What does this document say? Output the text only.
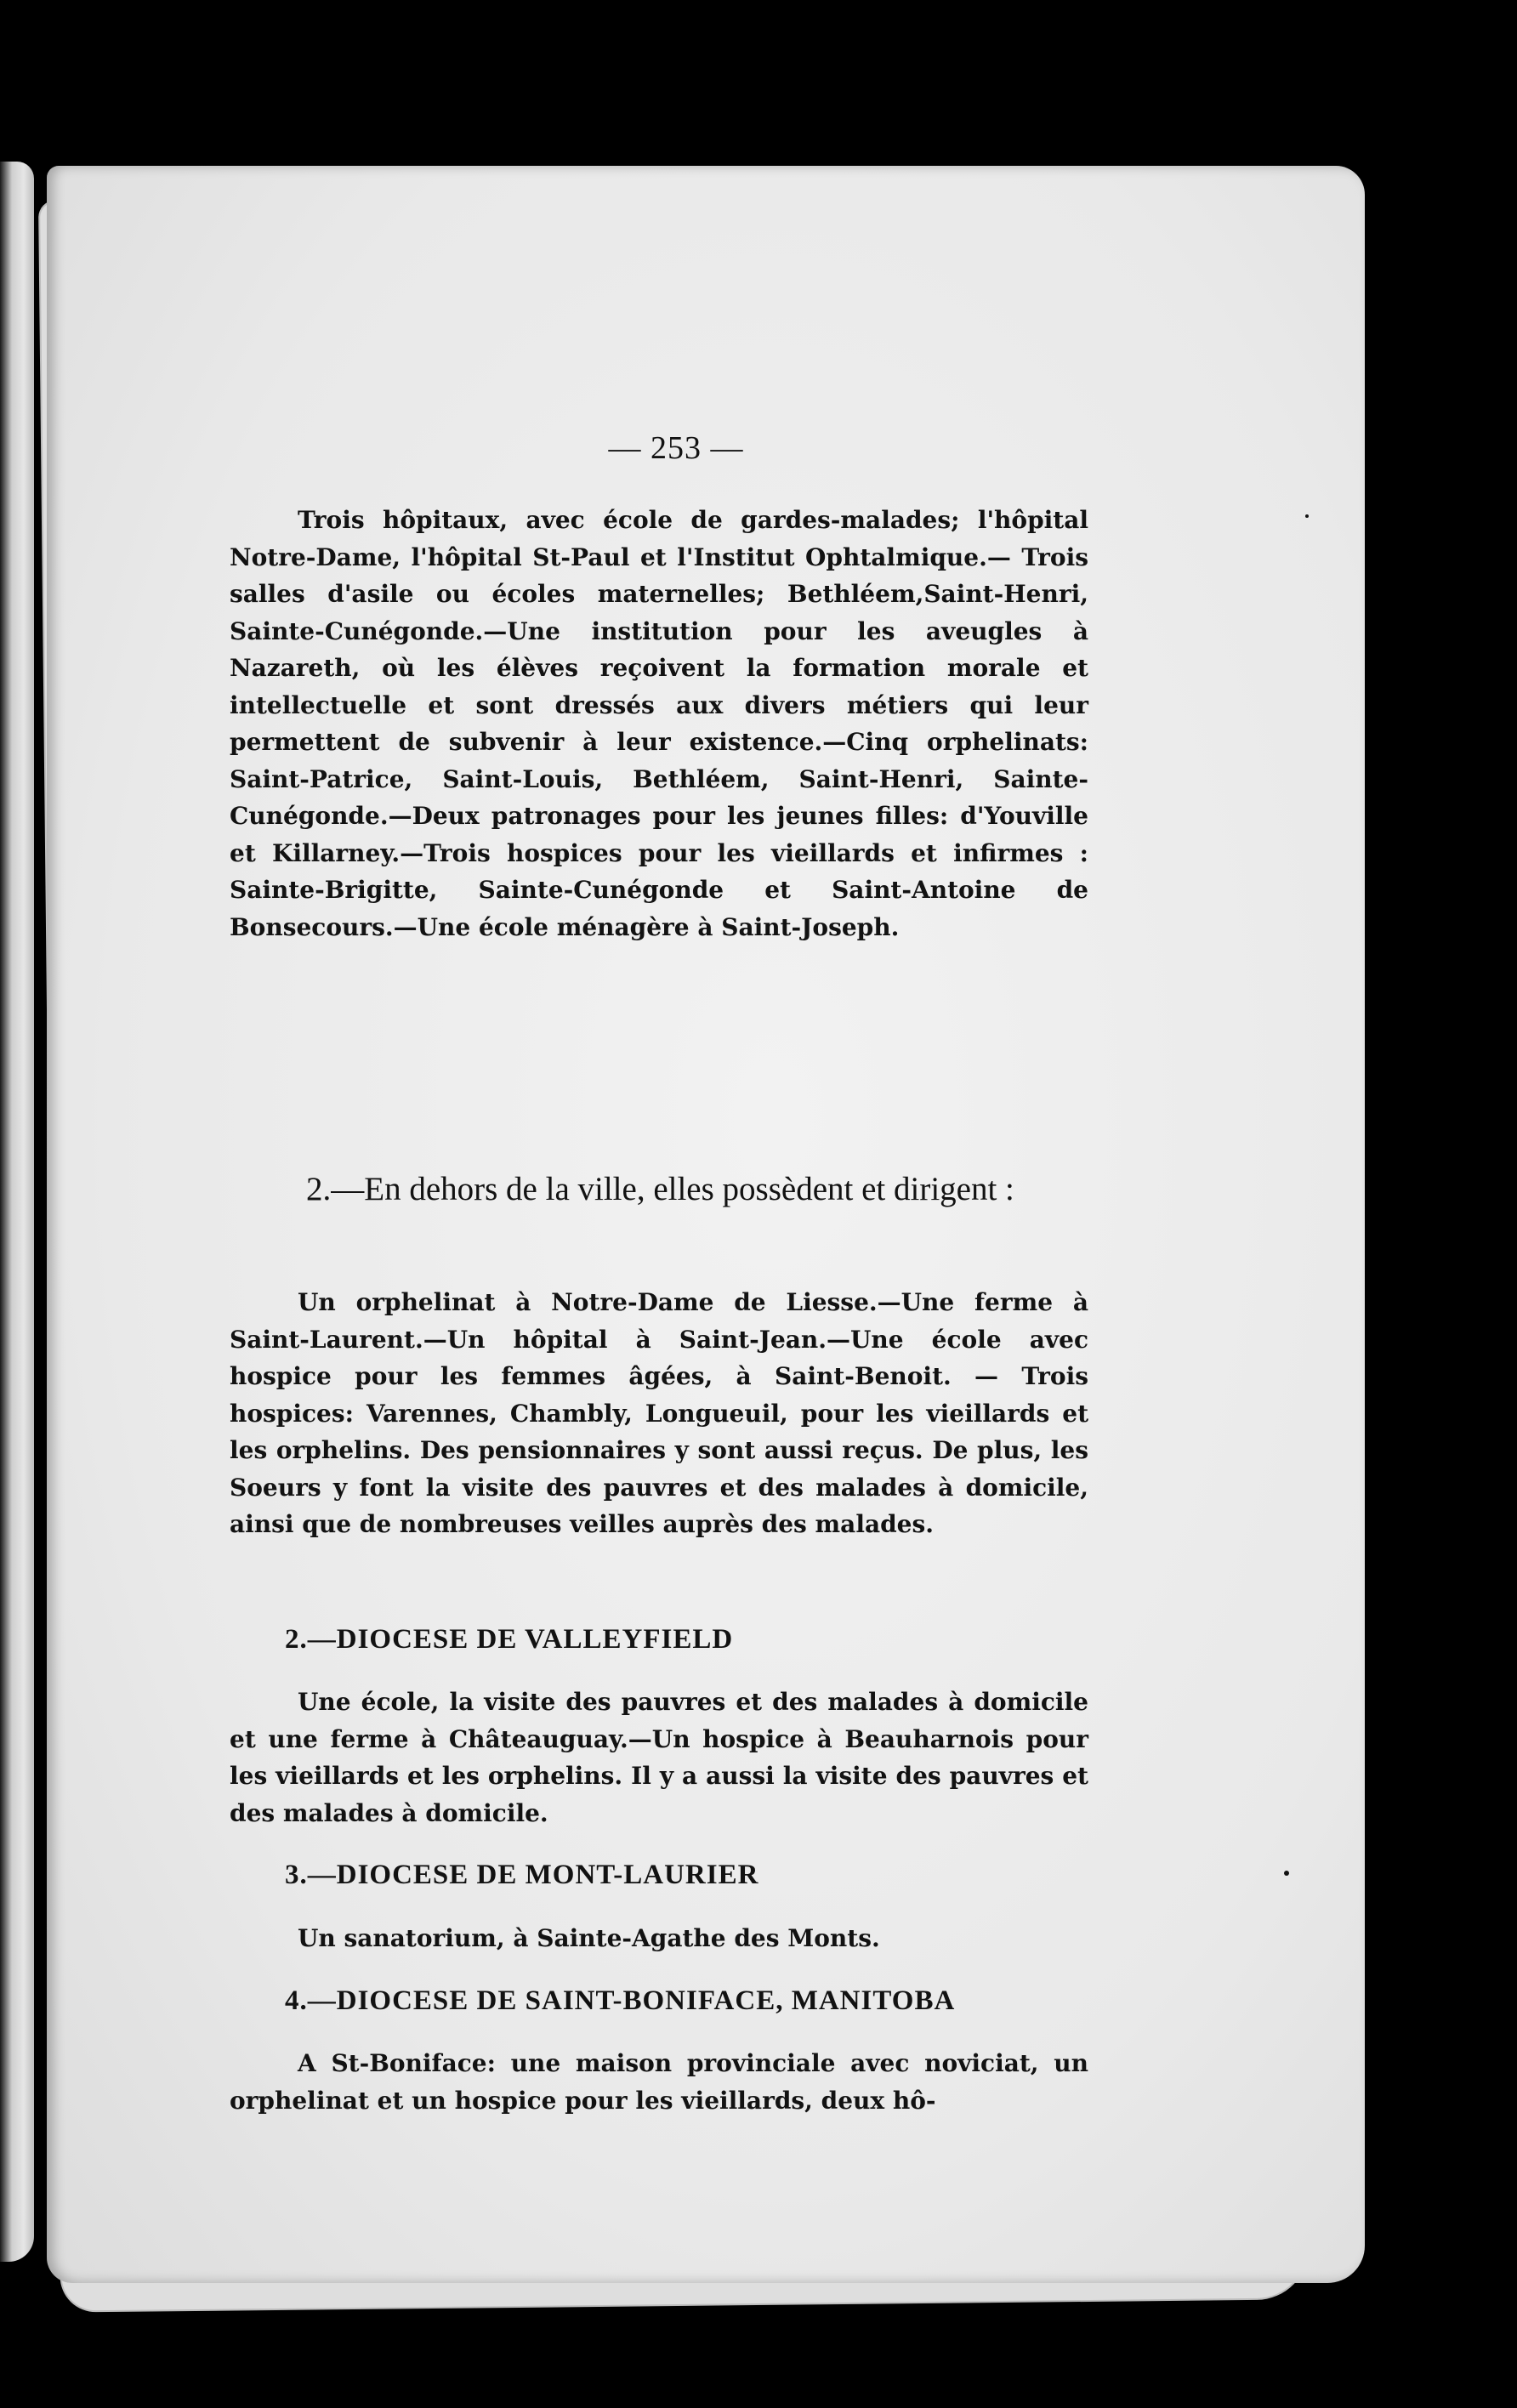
— 253 —

Trois hôpitaux, avec école de gardes-malades; l'hôpital Notre-Dame, l'hôpital St-Paul et l'Institut Ophtalmique.— Trois salles d'asile ou écoles maternelles; Bethléem,Saint-Henri, Sainte-Cunégonde.—Une institution pour les aveugles à Nazareth, où les élèves reçoivent la formation morale et intellectuelle et sont dressés aux divers métiers qui leur permettent de subvenir à leur existence.—Cinq orphelinats: Saint-Patrice, Saint-Louis, Bethléem, Saint-Henri, Sainte-Cunégonde.—Deux patronages pour les jeunes filles: d'Youville et Killarney.—Trois hospices pour les vieillards et infirmes : Sainte-Brigitte, Sainte-Cunégonde et Saint-Antoine de Bonsecours.—Une école ménagère à Saint-Joseph.

2.—En dehors de la ville, elles possèdent et dirigent :

Un orphelinat à Notre-Dame de Liesse.—Une ferme à Saint-Laurent.—Un hôpital à Saint-Jean.—Une école avec hospice pour les femmes âgées, à Saint-Benoit. — Trois hospices: Varennes, Chambly, Longueuil, pour les vieillards et les orphelins. Des pensionnaires y sont aussi reçus. De plus, les Soeurs y font la visite des pauvres et des malades à domicile, ainsi que de nombreuses veilles auprès des malades.

2.—DIOCESE DE VALLEYFIELD

Une école, la visite des pauvres et des malades à domicile et une ferme à Châteauguay.—Un hospice à Beauharnois pour les vieillards et les orphelins. Il y a aussi la visite des pauvres et des malades à domicile.

3.—DIOCESE DE MONT-LAURIER

Un sanatorium, à Sainte-Agathe des Monts.

4.—DIOCESE DE SAINT-BONIFACE, MANITOBA

A St-Boniface: une maison provinciale avec noviciat, un orphelinat et un hospice pour les vieillards, deux hô-
